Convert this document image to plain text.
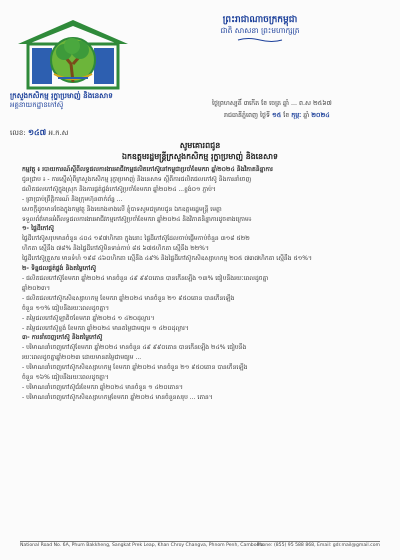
ក្រសួងកសិកម្ម រុក្ខាប្រមាញ់ និងនេសាទ
អគ្គនាយកដ្ឋានកៅស៊ូ
លេខ: ១៤៧ អ.ក.ស
ព្រះរាជាណាចក្រកម្ពុជា
ជាតិ សាសនា ព្រះមហាក្សត្រ
ថ្ងៃព្រហស្បតិ៍ ៣កើត ខែ ចេត្រ ឆ្នាំ ... ព.ស ២៥៦៧
រាជធានីភ្នំពេញ ថ្ងៃទី ១៥ ខែ កុម្ភៈ ឆ្នាំ ២០២៤
សូមគោរពជូន
ឯកឧត្តមរដ្ឋមន្ត្រីក្រសួងកសិកម្ម រុក្ខាប្រមាញ់ និងនេសាទ

កម្មវត្ថុ ៖ របាយការណ៍ស្តីពីលទ្ធផលការងារអាជីវកម្មផលិតកៅស៊ូនៅកម្ពុជាប្រចាំខែមករា ឆ្នាំ២០២៤ និងវិភាគនិន្នាការ

ជូនជ្រាប ៖ - ការស្នើសុំពីក្រសួងកសិកម្ម រុក្ខាប្រមាញ់ និងនេសាទ ស្តីពីការផលិតផលកៅស៊ូ និងការនាំចេញ

ផលិតផលកៅស៊ូក្នុងស្រុក និងការផ្គត់ផ្គង់កៅស៊ូប្រចាំខែមករា ឆ្នាំ២០២៤ ...ខ្ទង់០១ ភ្ជាប់។

- ព្រាប្រាប់ព្រឹត្តិការណ៍ និងក្រុមហ៊ុនពាក់ព័ន្ធ ...

សេចក្តីដូចមានចែងក្នុងកម្មវត្ថុ និងយោងខាងលើ ខ្ញុំបាទសូមជម្រាបជូន ឯកឧត្តមរដ្ឋមន្ត្រី មេត្តា

ទទួលព័ត៌មានអំពីលទ្ធផលការងារអាជីវកម្មកៅស៊ូប្រចាំខែមករា ឆ្នាំ២០២៤ និងវិភាគនិន្នាការដូចខាងក្រោម៖

១- ផ្ទៃដីកៅស៊ូ

ផ្ទៃដីកៅស៊ូសរុបមានចំនួន ៤០៤ ១៩៧ហិកតា ក្នុងនោះ ផ្ទៃដីកៅស៊ូដែលចាប់ផ្តើមកាប់ចំនួន ៣១៨ ៥២២

ហិកតា ស្មើនឹង ៧៨% និងផ្ទៃដីកៅស៊ូមិនទាន់កាប់ ៨៥ ៦៧៥ហិកតា ស្មើនឹង ២២%។

ផ្ទៃដីកៅស៊ូគ្រួសារ មានទំហំ ១៩៨ ៤៦០ហិកតា ស្មើនឹង ៤៩% និងផ្ទៃដីកៅស៊ូកសិឧស្សាហកម្ម ២០៥ ៧៣៧ហិកតា ស្មើនឹង ៥១%។

២- ទិន្នផលផ្គត់ផ្គង់ និងតម្លៃកៅស៊ូ

- ផលិតផលកៅស៊ូខែមករា ឆ្នាំ២០២៤ មានចំនួន ៤៩ ៩៩០តោន បានកើនឡើង ១៣% ធៀបនឹងរយៈពេលដូចគ្នា

ឆ្នាំ២០២៣។

- ផលិតផលកៅស៊ូកសិឧស្សាហកម្ម ខែមករា ឆ្នាំ២០២៤ មានចំនួន ២១ ៩៥០តោន បានកើនឡើង

ចំនួន ១១% ធៀបនឹងរយៈពេលដូចគ្នា។

- តម្លៃផលកៅស៊ូឡាតិចខែមករា ឆ្នាំ២០២៤ ១ ៤២០ដុល្លារ។

- តម្លៃផលកៅស៊ូខ្ទង់ ខែមករា ឆ្នាំ២០២៤ មានតម្លៃជាមធ្យម ១ ៤២០ដុល្លារ។

៣- ការនាំចេញកៅស៊ូ និងតម្លៃកៅស៊ូ

- បរិមាណនាំចេញកៅស៊ូខែមករា ឆ្នាំ២០២៤ មានចំនួន ៤៩ ៩៩០តោន បានកើនឡើង ២៤% ធៀបនឹង

រយៈពេលដូចគ្នាឆ្នាំ២០២៣ ដោយមានតម្លៃជាមធ្យម ...

- បរិមាណនាំចេញកៅស៊ូកសិឧស្សាហកម្ម ខែមករា ឆ្នាំ២០២៤ មានចំនួន ២១ ៩៥០តោន បានកើនឡើង

ចំនួន ១៦% ធៀបនឹងរយៈពេលដូចគ្នា។

- បរិមាណនាំចេញកៅស៊ូជ័រខែមករា ឆ្នាំ២០២៤ មានចំនួន ១ ៤២០តោន។

- បរិមាណនាំចេញកៅស៊ូកសិឧស្សាហកម្មខែមករា ឆ្នាំ២០២៤ មានចំនួនសរុប ... តោន។

National Road No. 6A, Phum Bakkheng, Sangkat Prek Leap, Khan Chroy Changva, Phnom Penh, Cambodia
Phone: (855) 95 588 868, Email: gdr.mail@gmail.com
